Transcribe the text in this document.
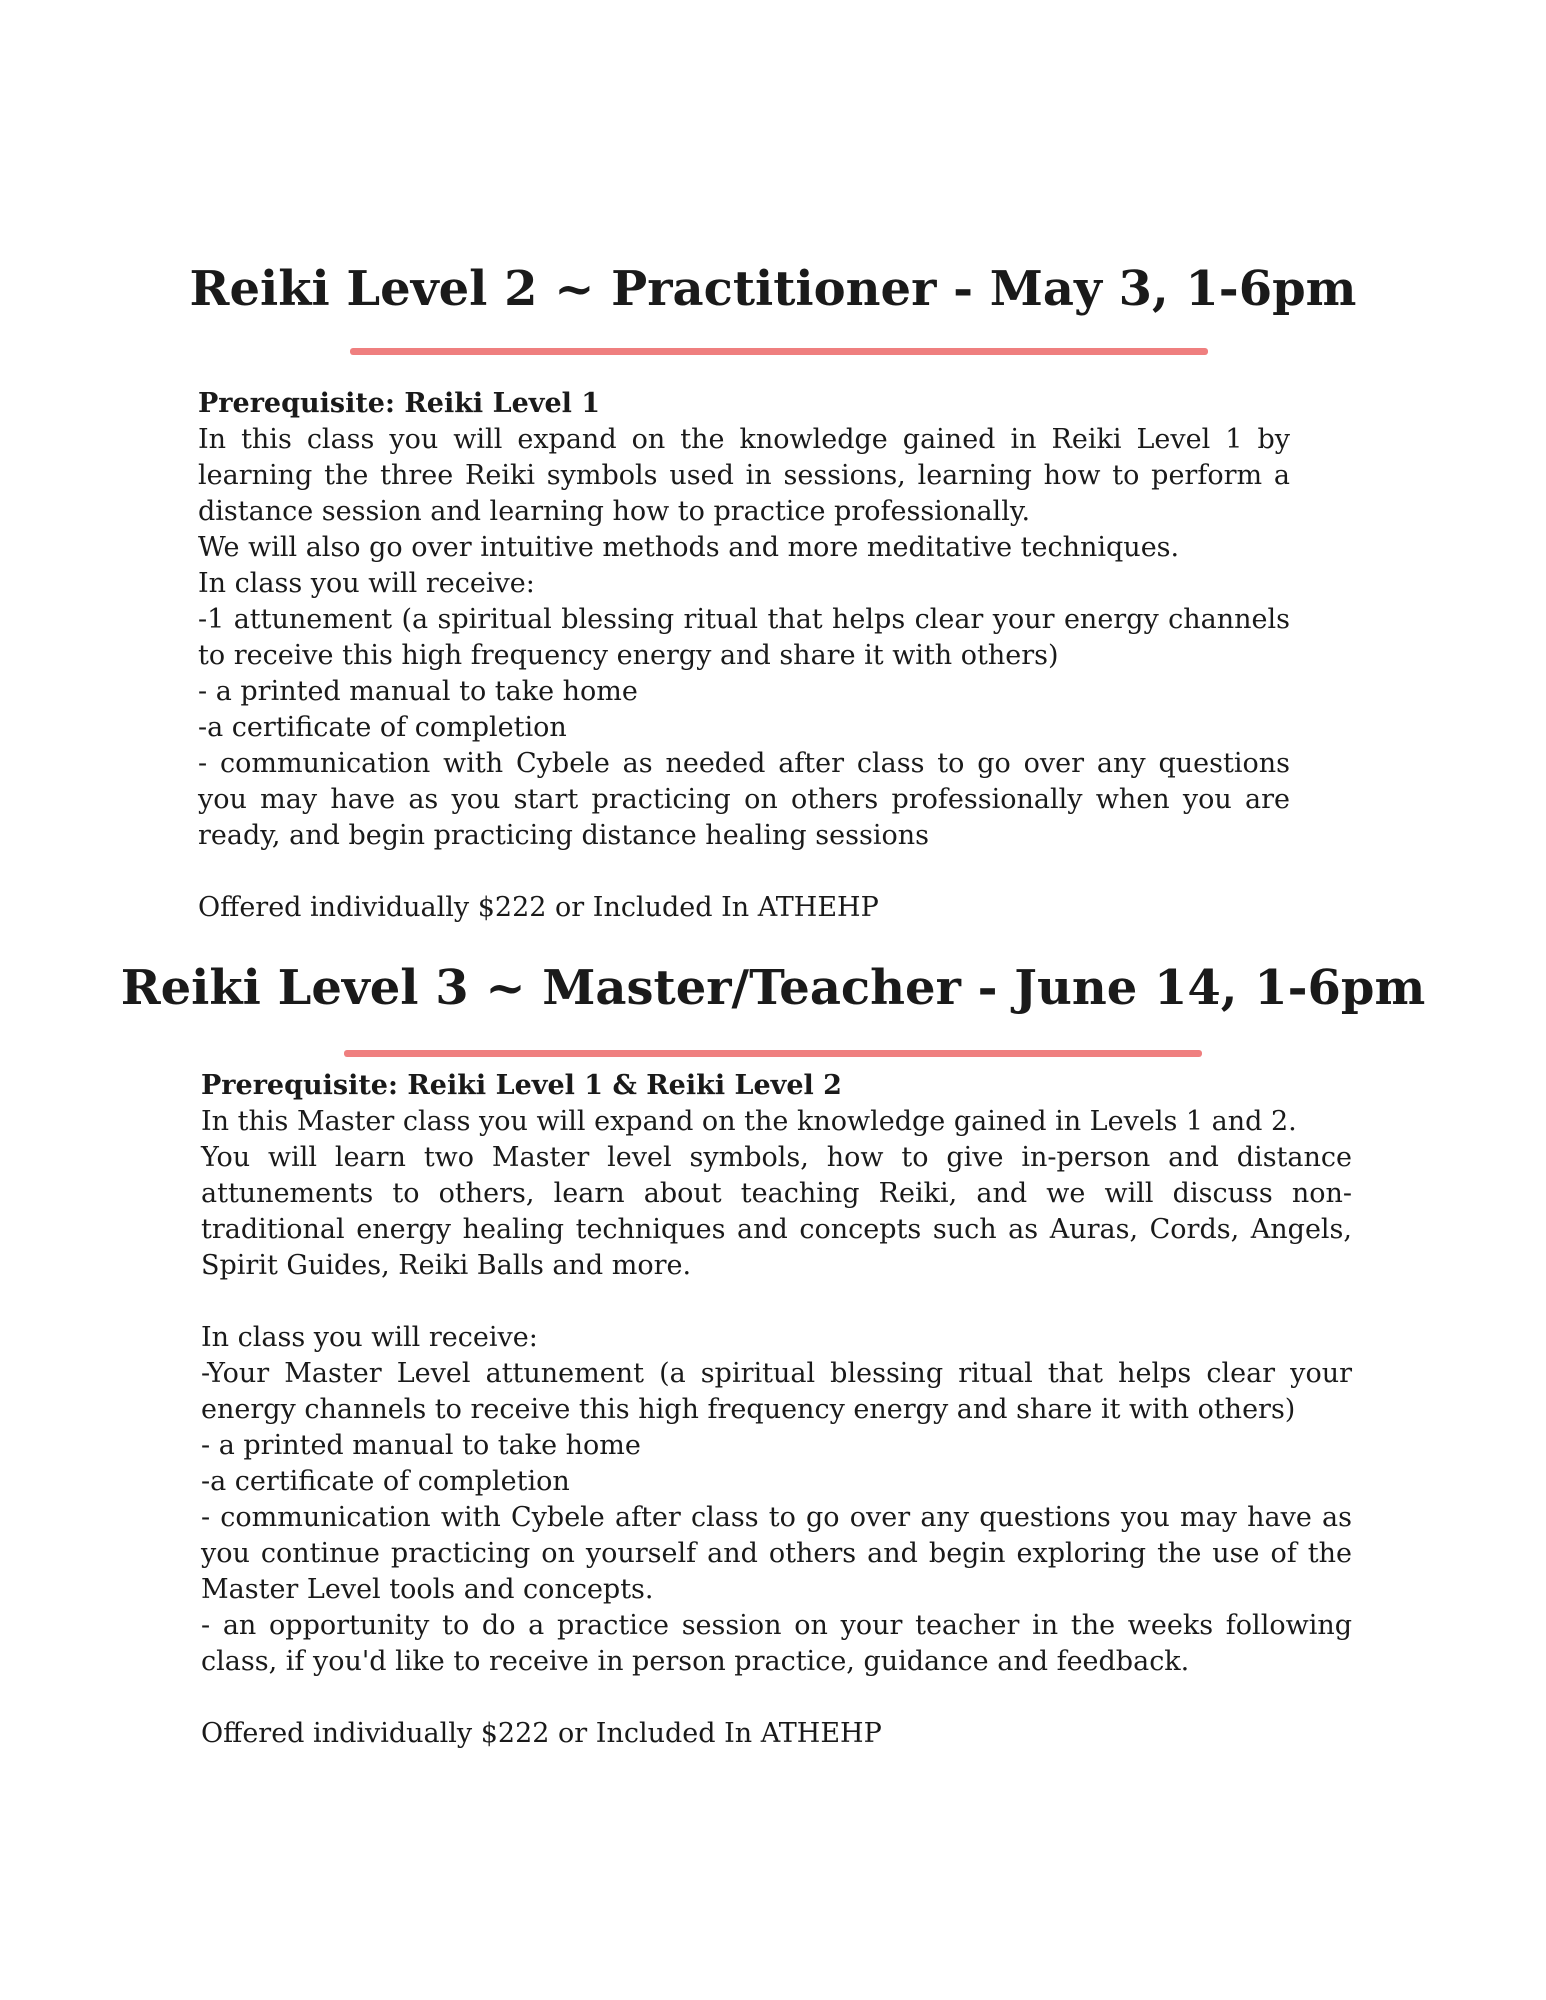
Reiki Level 2 ~ Practitioner - May 3, 1-6pm

Prerequisite: Reiki Level 1

In this class you will expand on the knowledge gained in Reiki Level 1 by learning the three Reiki symbols used in sessions, learning how to perform a distance session and learning how to practice professionally.

We will also go over intuitive methods and more meditative techniques.

In class you will receive:

-1 attunement (a spiritual blessing ritual that helps clear your energy channels to receive this high frequency energy and share it with others)

- a printed manual to take home

-a certificate of completion

- communication with Cybele as needed after class to go over any questions you may have as you start practicing on others professionally when you are ready, and begin practicing distance healing sessions

Offered individually $222 or Included In ATHEHP

Reiki Level 3 ~ Master/Teacher - June 14, 1-6pm

Prerequisite: Reiki Level 1 & Reiki Level 2

In this Master class you will expand on the knowledge gained in Levels 1 and 2.

You will learn two Master level symbols, how to give in-person and distance attunements to others, learn about teaching Reiki, and we will discuss non-traditional energy healing techniques and concepts such as Auras, Cords, Angels, Spirit Guides, Reiki Balls and more.

In class you will receive:

-Your Master Level attunement (a spiritual blessing ritual that helps clear your energy channels to receive this high frequency energy and share it with others)

- a printed manual to take home

-a certificate of completion

- communication with Cybele after class to go over any questions you may have as you continue practicing on yourself and others and begin exploring the use of the Master Level tools and concepts.

- an opportunity to do a practice session on your teacher in the weeks following class, if you'd like to receive in person practice, guidance and feedback.

Offered individually $222 or Included In ATHEHP
